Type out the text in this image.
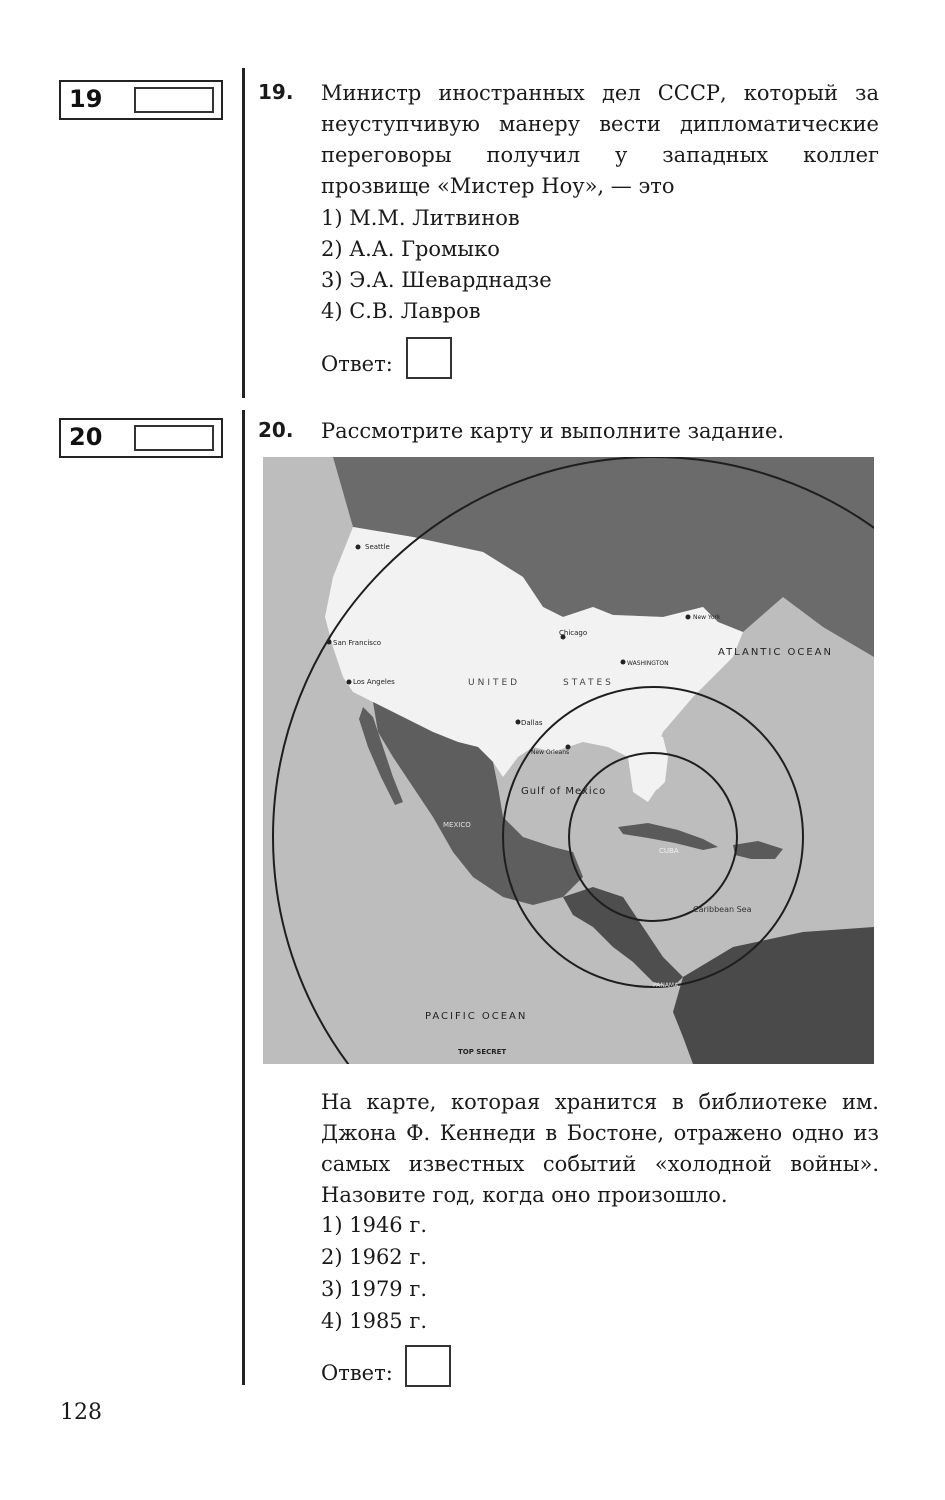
19	19. Министр иностранных дел СССР, который за неуступчивую манеру вести дипломатические переговоры получил у западных коллег прозвище «Мистер Ноу», — это
1) М.М. Литвинов
2) А.А. Громыко
3) Э.А. Шеварднадзе
4) С.В. Лавров
Ответ:
20	20. Рассмотрите карту и выполните задание.
Seattle
San Francisco
Los Angeles
Chicago
WASHINGTON
New York
Dallas
New Orleans
UNITED	STATES
ATLANTIC OCEAN
Gulf of Mexico
CUBA
MEXICO
Caribbean Sea
PANAMA
PACIFIC OCEAN
TOP SECRET
На карте, которая хранится в библиотеке им. Джона Ф. Кеннеди в Бостоне, отражено одно из самых известных событий «холодной войны». Назовите год, когда оно произошло.
1) 1946 г.
2) 1962 г.
3) 1979 г.
4) 1985 г.
Ответ:
128
